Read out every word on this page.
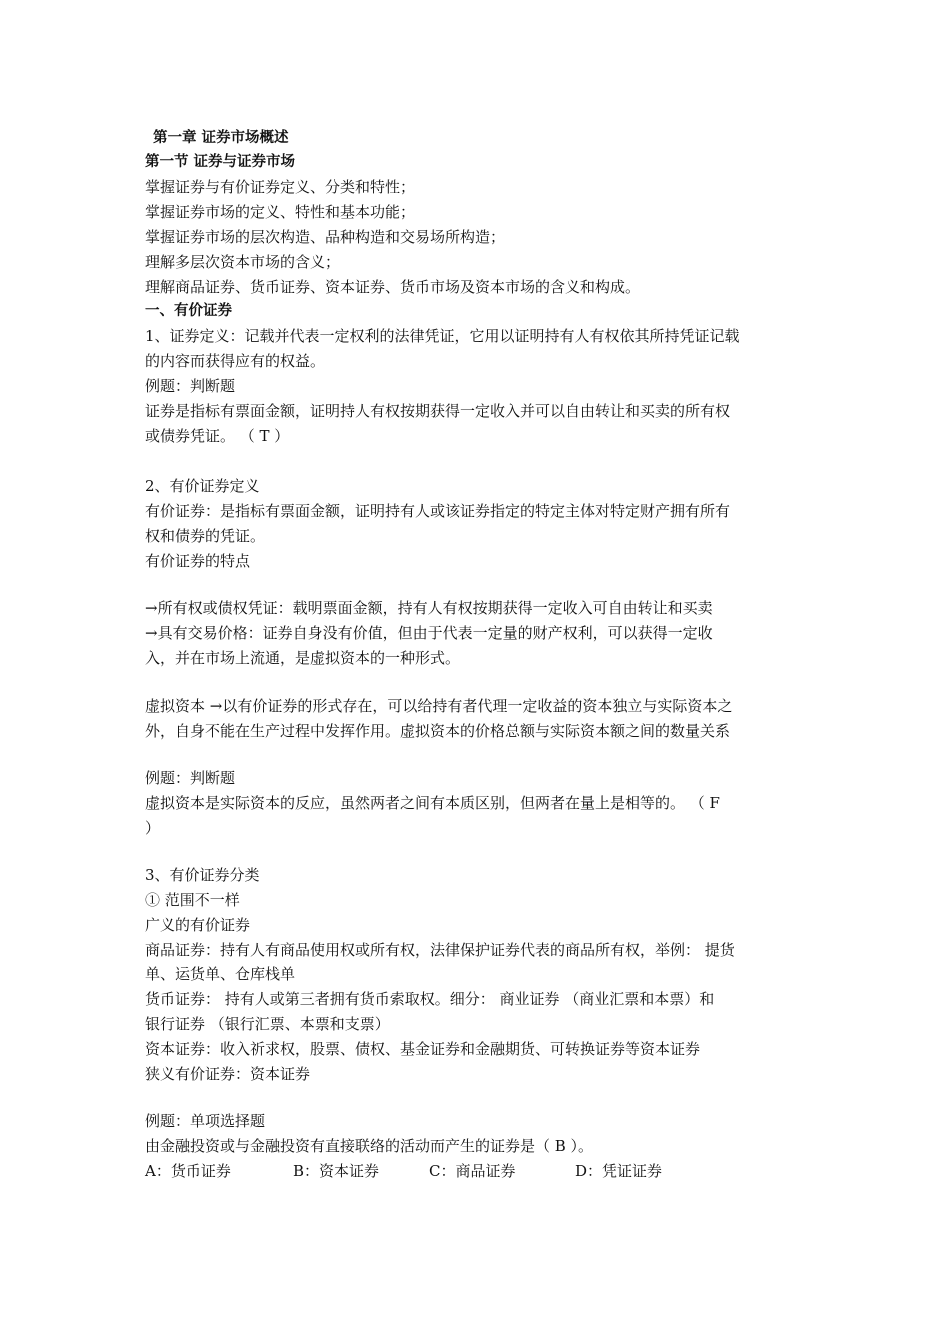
第一章 证券市场概述
第一节 证券与证券市场
掌握证券与有价证券定义、分类和特性；
掌握证券市场的定义、特性和基本功能；
掌握证券市场的层次构造、品种构造和交易场所构造；
理解多层次资本市场的含义；
理解商品证券、货币证券、资本证券、货币市场及资本市场的含义和构成。
一、有价证券
1、证券定义：记载并代表一定权利的法律凭证，它用以证明持有人有权依其所持凭证记载
的内容而获得应有的权益。
例题：判断题
证券是指标有票面金额，证明持人有权按期获得一定收入并可以自由转让和买卖的所有权
或债券凭证。 （ T ）
2、有价证券定义
有价证券：是指标有票面金额，证明持有人或该证券指定的特定主体对特定财产拥有所有
权和债券的凭证。
有价证券的特点
→所有权或债权凭证：载明票面金额，持有人有权按期获得一定收入可自由转让和买卖
→具有交易价格：证券自身没有价值，但由于代表一定量的财产权利，可以获得一定收
入，并在市场上流通，是虚拟资本的一种形式。
虚拟资本 →以有价证券的形式存在，可以给持有者代理一定收益的资本独立与实际资本之
外，自身不能在生产过程中发挥作用。虚拟资本的价格总额与实际资本额之间的数量关系
例题：判断题
虚拟资本是实际资本的反应，虽然两者之间有本质区别，但两者在量上是相等的。 （ F
）
3、有价证券分类
① 范围不一样
广义的有价证券
商品证券：持有人有商品使用权或所有权，法律保护证券代表的商品所有权，举例： 提货
单、运货单、仓库栈单
货币证券： 持有人或第三者拥有货币索取权。细分： 商业证券 （商业汇票和本票）和
银行证券 （银行汇票、本票和支票）
资本证券：收入祈求权，股票、债权、基金证券和金融期货、可转换证券等资本证券
狭义有价证券：资本证券
例题：单项选择题
由金融投资或与金融投资有直接联络的活动而产生的证券是（ B ）。
A：货币证券	B：资本证券	C：商品证券	D：凭证证券
